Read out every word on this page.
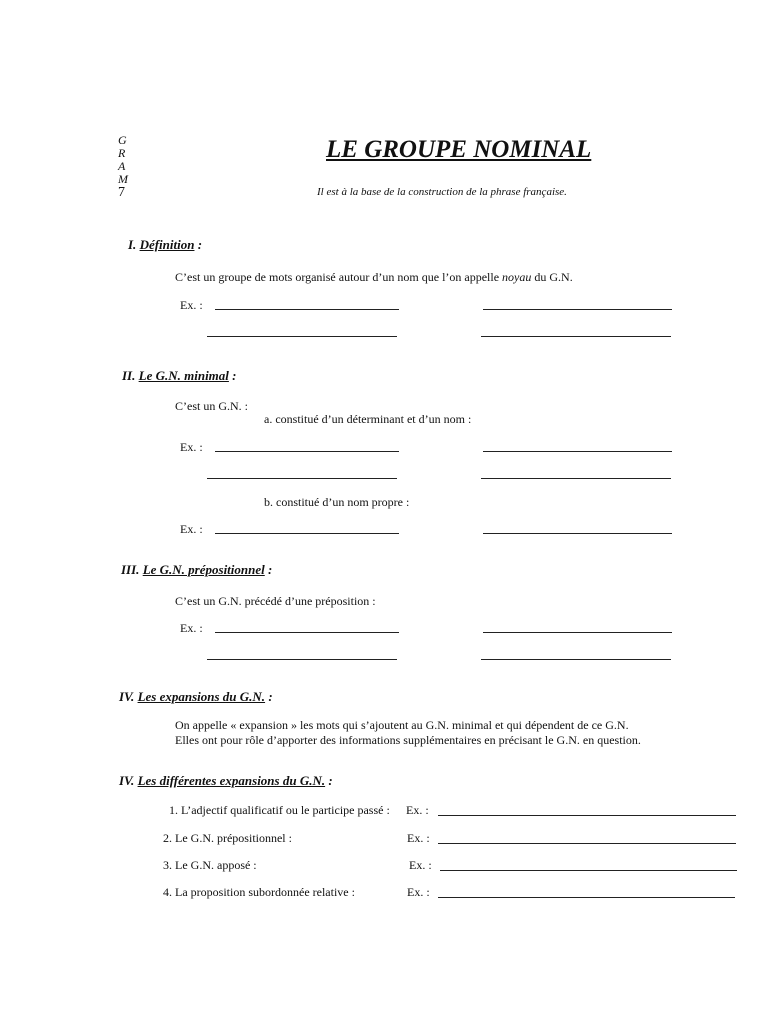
G
R
A
M
7
LE GROUPE NOMINAL
Il est à la base de la construction de la phrase française.
I. Définition :
C’est un groupe de mots organisé autour d’un nom que l’on appelle noyau du G.N.
Ex. :
II. Le G.N. minimal :
C’est un G.N. :
a. constitué d’un déterminant et d’un nom :
Ex. :
b. constitué d’un nom propre :
Ex. :
III. Le G.N. prépositionnel :
C’est un G.N. précédé d’une préposition :
Ex. :
IV. Les expansions du G.N. :
On appelle « expansion » les mots qui s’ajoutent au G.N. minimal et qui dépendent de ce G.N.
Elles ont pour rôle d’apporter des informations supplémentaires en précisant le G.N. en question.
IV. Les différentes expansions du G.N. :
1. L’adjectif qualificatif ou le participe passé : Ex. :
2. Le G.N. prépositionnel :	Ex. :
3. Le G.N. apposé :	Ex. :
4. La proposition subordonnée relative :	Ex. :
